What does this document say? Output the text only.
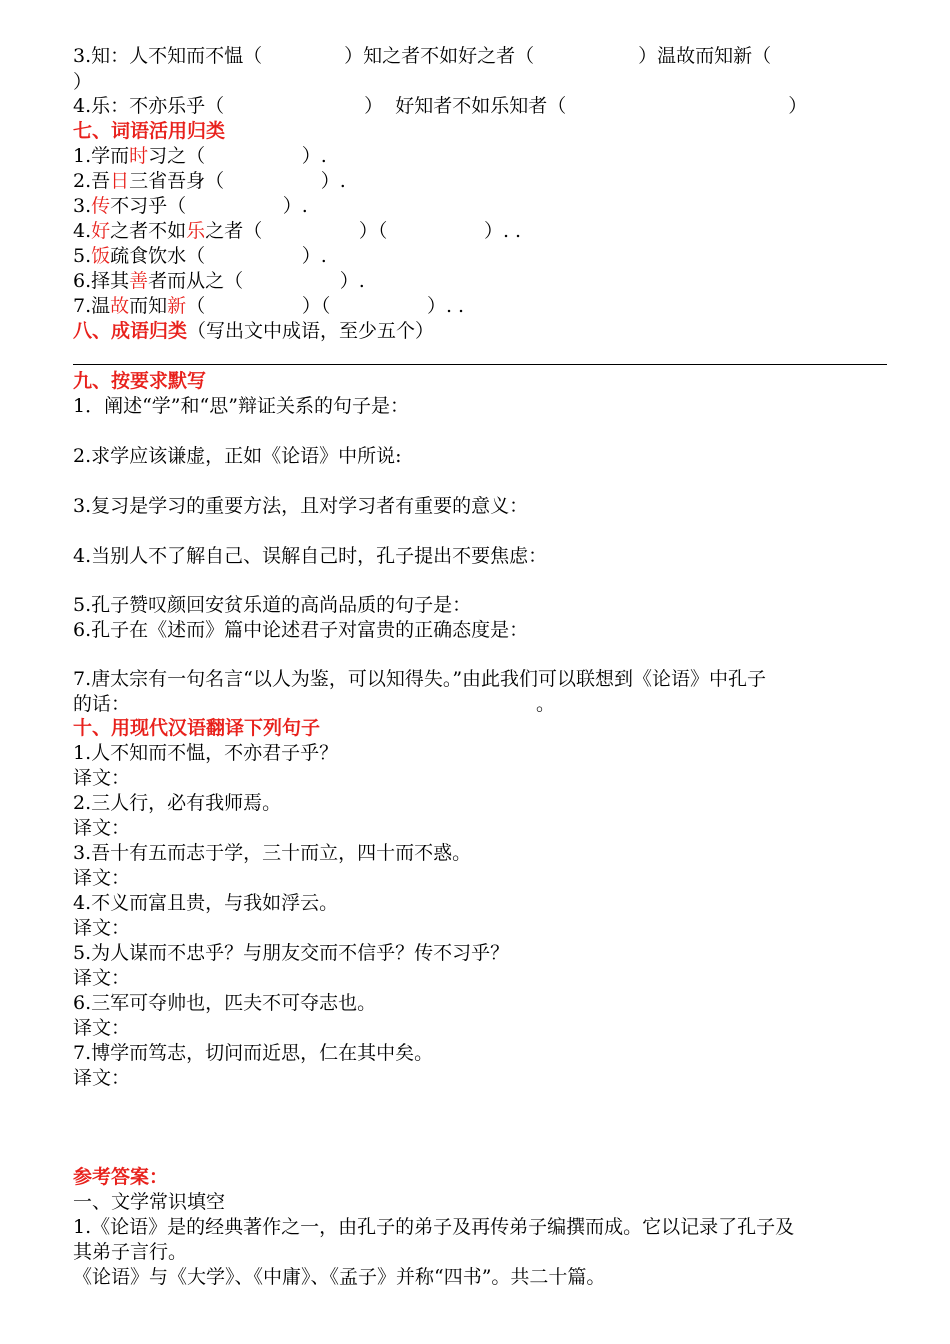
3.知：人不知而不愠（	）知之者不如好之者（	）温故而知新（
）
4.乐：不亦乐乎（	）  好知者不如乐知者（	）
七、词语活用归类
1.学而时习之（                ）.
2.吾日三省吾身（                ）.
3.传不习乎（                ）.
4.好之者不如乐之者（                ）（                ）. .
5.饭疏食饮水（                ）.
6.择其善者而从之（                ）.
7.温故而知新（                ）（                ）. .
八、成语归类（写出文中成语，至少五个）
九、按要求默写
1．阐述“学”和“思”辩证关系的句子是：
2.求学应该谦虚，正如《论语》中所说:
3.复习是学习的重要方法，且对学习者有重要的意义：
4.当别人不了解自己、误解自己时，孔子提出不要焦虑：
5.孔子赞叹颜回安贫乐道的高尚品质的句子是：
6.孔子在《述而》篇中论述君子对富贵的正确态度是：
7.唐太宗有一句名言“以人为鉴，可以知得失。”由此我们可以联想到《论语》中孔子
的话：	。
十、用现代汉语翻译下列句子
1.人不知而不愠，不亦君子乎？
译文：
2.三人行，必有我师焉。
译文：
3.吾十有五而志于学，三十而立，四十而不惑。
译文：
4.不义而富且贵，与我如浮云。
译文：
5.为人谋而不忠乎？与朋友交而不信乎？传不习乎？
译文：
6.三军可夺帅也，匹夫不可夺志也。
译文：
7.博学而笃志，切问而近思，仁在其中矣。
译文：
参考答案：
一、文学常识填空
1.《论语》是的经典著作之一，由孔子的弟子及再传弟子编撰而成。它以记录了孔子及
其弟子言行。
《论语》与《大学》、《中庸》、《孟子》并称“四书”。共二十篇。
